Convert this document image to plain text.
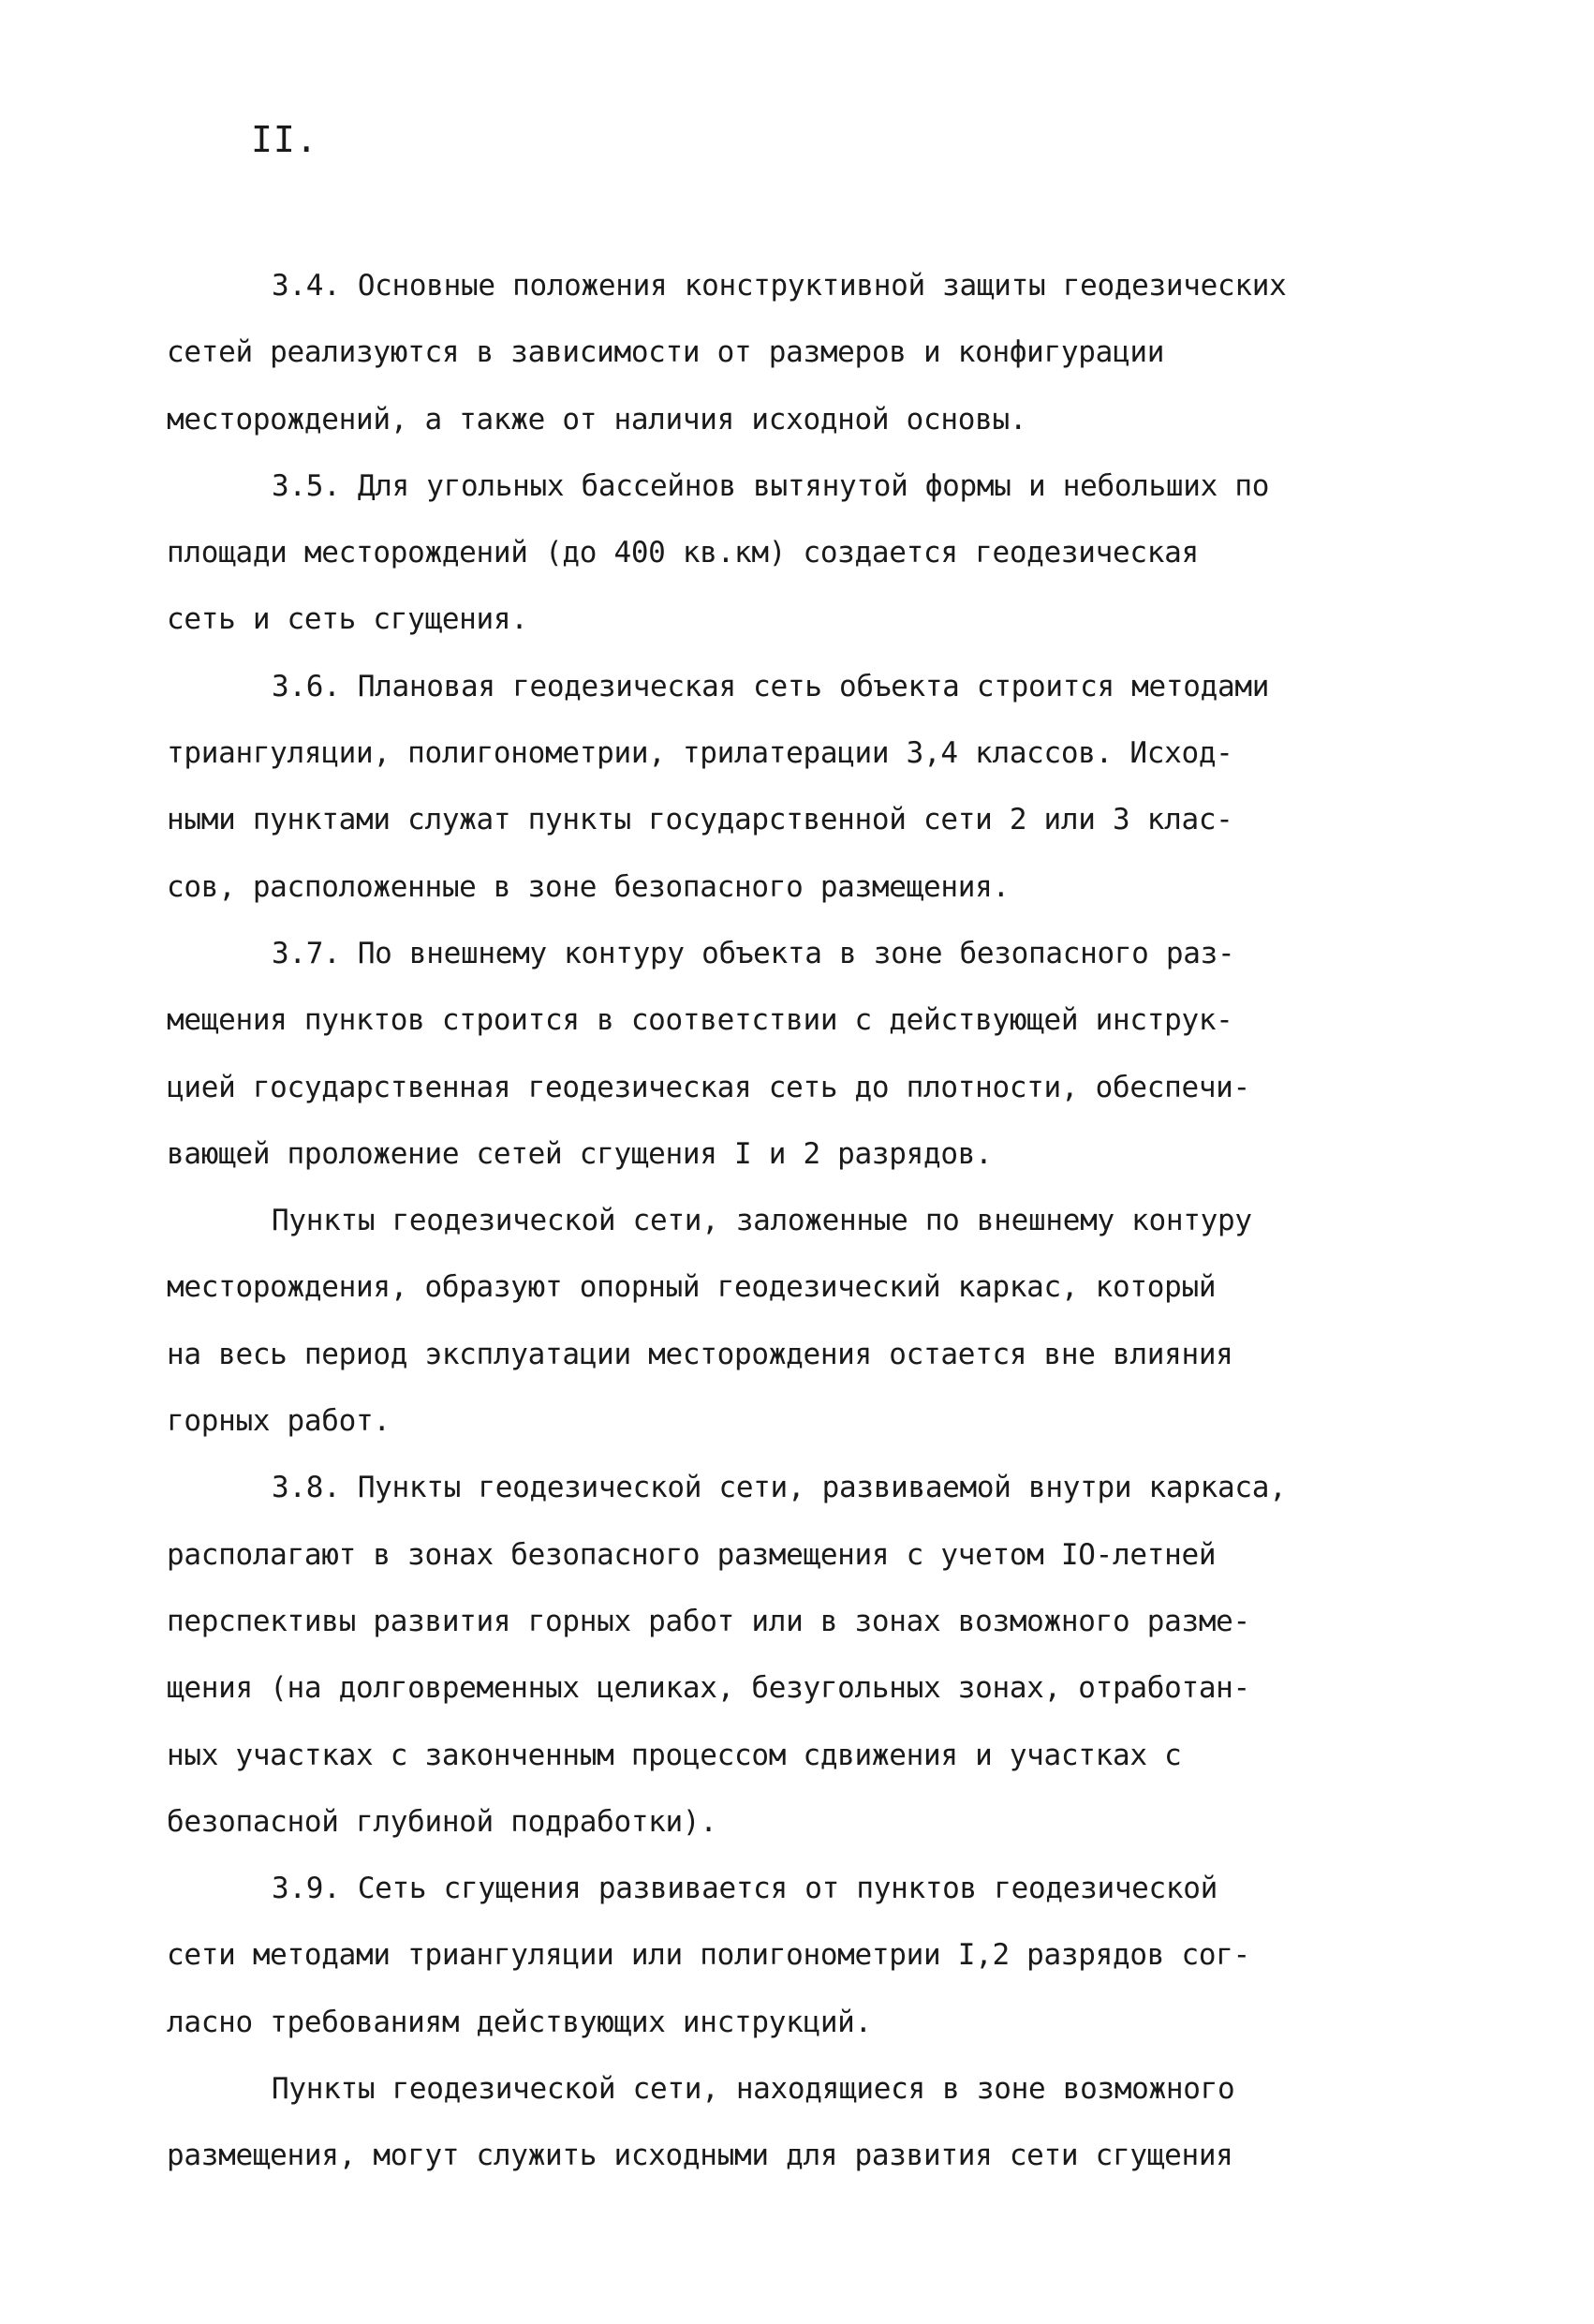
II.
3.4. Основные положения конструктивной защиты геодезических
сетей реализуются в зависимости от размеров и конфигурации
месторождений, а также от наличия исходной основы.
3.5. Для угольных бассейнов вытянутой формы и небольших по
площади месторождений (до 400 кв.км) создается геодезическая
сеть и сеть сгущения.
3.6. Плановая геодезическая сеть объекта строится методами
триангуляции, полигонометрии, трилатерации 3,4 классов. Исход-
ными пунктами служат пункты государственной сети 2 или 3 клас-
сов, расположенные в зоне безопасного размещения.
3.7. По внешнему контуру объекта в зоне безопасного раз-
мещения пунктов строится в соответствии с действующей инструк-
цией государственная геодезическая сеть до плотности, обеспечи-
вающей проложение сетей сгущения I и 2 разрядов.
Пункты геодезической сети, заложенные по внешнему контуру
месторождения, образуют опорный геодезический каркас, который
на весь период эксплуатации месторождения остается вне влияния
горных работ.
3.8. Пункты геодезической сети, развиваемой внутри каркаса,
располагают в зонах безопасного размещения с учетом IO-летней
перспективы развития горных работ или в зонах возможного разме-
щения (на долговременных целиках, безугольных зонах, отработан-
ных участках с законченным процессом сдвижения и участках с
безопасной глубиной подработки).
3.9. Сеть сгущения развивается от пунктов геодезической
сети методами триангуляции или полигонометрии I,2 разрядов сог-
ласно требованиям действующих инструкций.
Пункты геодезической сети, находящиеся в зоне возможного
размещения, могут служить исходными для развития сети сгущения
